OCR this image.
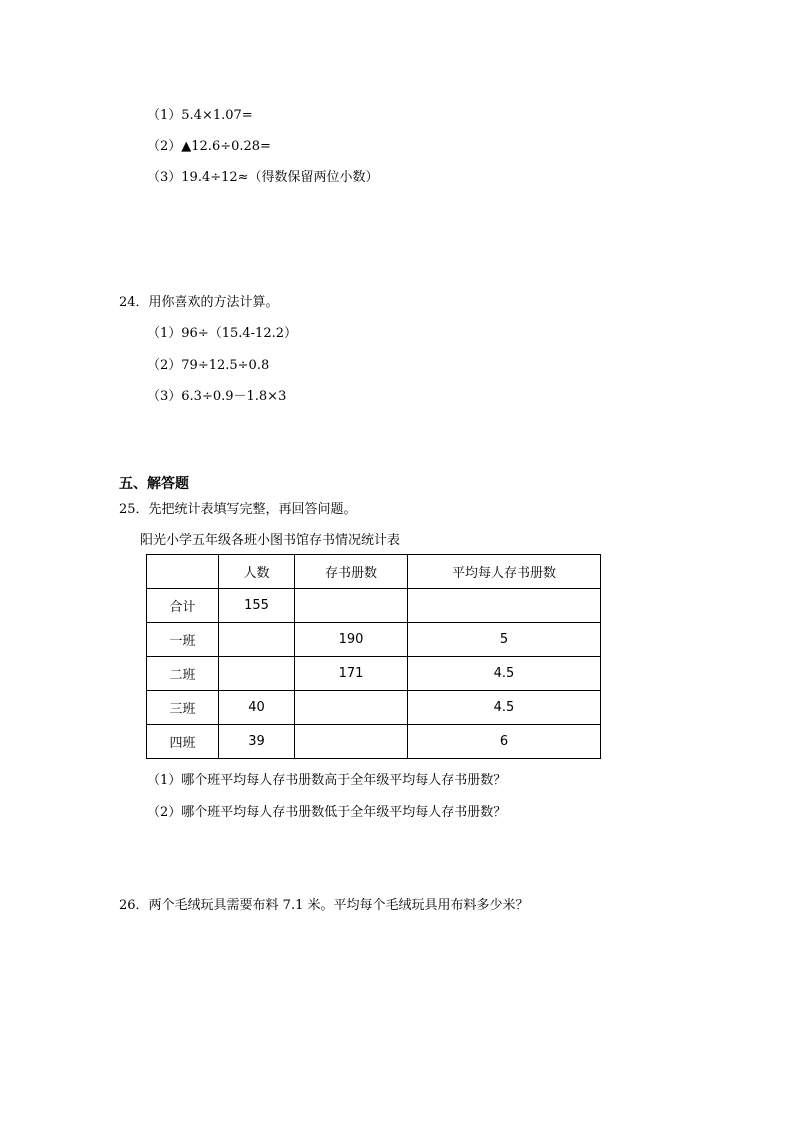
（1）5.4×1.07=
（2）▲12.6÷0.28=
（3）19.4÷12≈（得数保留两位小数）
24．用你喜欢的方法计算。
（1）96÷（15.4-12.2）
（2）79÷12.5÷0.8
（3）6.3÷0.9－1.8×3
五、解答题
25．先把统计表填写完整，再回答问题。
阳光小学五年级各班小图书馆存书情况统计表
	人数	存书册数	平均每人存书册数
合计	155		
一班		190	5
二班		171	4.5
三班	40		4.5
四班	39		6
（1）哪个班平均每人存书册数高于全年级平均每人存书册数？
（2）哪个班平均每人存书册数低于全年级平均每人存书册数？
26．两个毛绒玩具需要布料 7.1 米。平均每个毛绒玩具用布料多少米？
